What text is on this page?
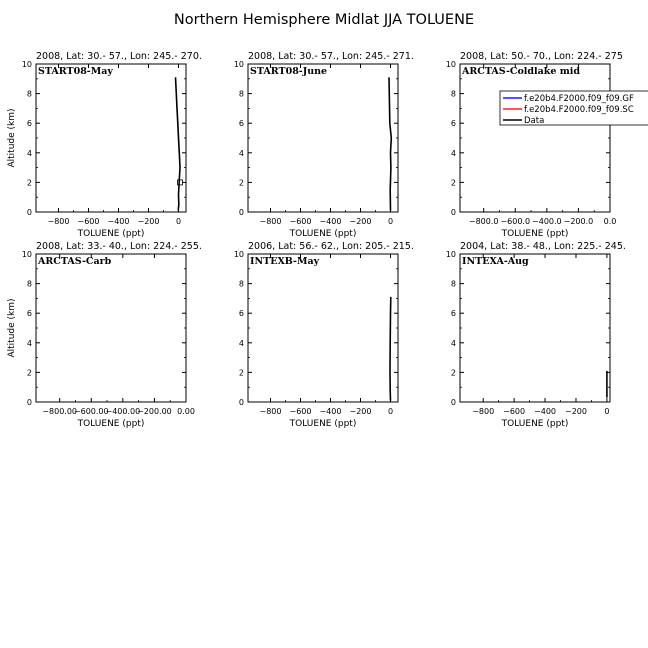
Northern Hemisphere Midlat JJA TOLUENE
2008, Lat: 30.- 57., Lon: 245.- 270.
0
2
4
6
8
10
−800 −600 −400 −200 0
TOLUENE (ppt)
Altitude (km)
START08-May
2008, Lat: 30.- 57., Lon: 245.- 271.
0
2
4
6
8
10
−800 −600 −400 −200 0
TOLUENE (ppt)
START08-June
2008, Lat: 50.- 70., Lon: 224.- 275
0
2
4
6
8
10
−800.0 −600.0 −400.0 −200.0 0.0
TOLUENE (ppt)
ARCTAS-Coldlake mid
f.e20b4.F2000.f09_f09.GF
f.e20b4.F2000.f09_f09.SC
Data
2008, Lat: 33.- 40., Lon: 224.- 255.
0
2
4
6
8
10
−800.00
−600.00
−400.00
−200.00 0.00
TOLUENE (ppt)
Altitude (km)
ARCTAS-Carb
2006, Lat: 56.- 62., Lon: 205.- 215.
0
2
4
6
8
10
−800 −600 −400 −200 0
TOLUENE (ppt)
INTEXB-May
2004, Lat: 38.- 48., Lon: 225.- 245.
0
2
4
6
8
10
−800 −600 −400 −200 0
TOLUENE (ppt)
INTEXA-Aug
